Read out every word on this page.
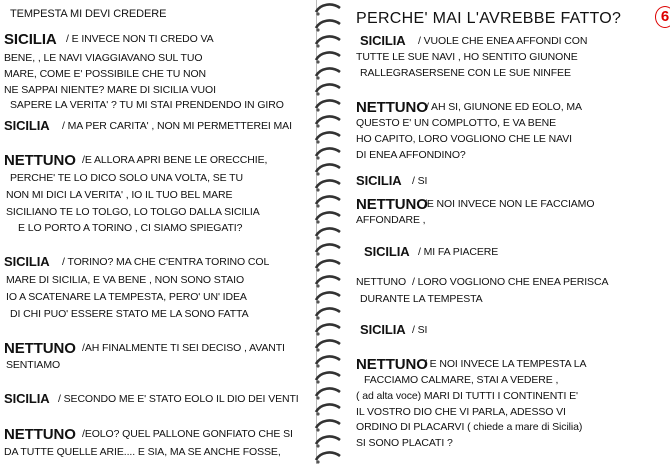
6
TEMPESTA MI DEVI CREDERE
SICILIA / E INVECE NON TI CREDO VA
BENE, , LE NAVI VIAGGIAVANO SUL TUO
MARE, COME E' POSSIBILE CHE TU NON
NE SAPPAI NIENTE? MARE DI SICILIA VUOI
SAPERE LA VERITA' ? TU MI STAI PRENDENDO IN GIRO
SICILIA / MA PER CARITA' , NON MI PERMETTEREI MAI
NETTUNO /E ALLORA APRI BENE LE ORECCHIE,
PERCHE' TE LO DICO SOLO UNA VOLTA, SE TU
NON MI DICI LA VERITA' , IO IL TUO BEL MARE
SICILIANO TE LO TOLGO, LO TOLGO DALLA SICILIA
E LO PORTO A TORINO , CI SIAMO SPIEGATI?
SICILIA / TORINO? MA CHE C'ENTRA TORINO COL
MARE DI SICILIA, E VA BENE , NON SONO STAIO
IO A SCATENARE LA TEMPESTA, PERO' UN' IDEA
DI CHI PUO' ESSERE STATO ME LA SONO FATTA
NETTUNO /AH FINALMENTE TI SEI DECISO , AVANTI
SENTIAMO
SICILIA / SECONDO ME E' STATO EOLO IL DIO DEI VENTI
NETTUNO /EOLO? QUEL PALLONE GONFIATO CHE SI
DA TUTTE QUELLE ARIE.... E SIA, MA SE ANCHE FOSSE,
PERCHE' MAI L'AVREBBE FATTO?
SICILIA / VUOLE CHE ENEA AFFONDI CON
TUTTE LE SUE NAVI , HO SENTITO GIUNONE
RALLEGRASERSENE CON LE SUE NINFEE
NETTUNO
/ AH SI, GIUNONE ED EOLO, MA
QUESTO E' UN COMPLOTTO, E VA BENE
HO CAPITO, LORO VOGLIONO CHE LE NAVI
DI ENEA AFFONDINO?
SICILIA / SI
NETTUNO
/E NOI INVECE NON LE FACCIAMO
AFFONDARE ,
SICILIA / MI FA PIACERE
NETTUNO / LORO VOGLIONO CHE ENEA PERISCA
DURANTE LA TEMPESTA
SICILIA / SI
NETTUNO
/ E NOI INVECE LA TEMPESTA LA
FACCIAMO CALMARE, STAI A VEDERE ,
( ad alta voce) MARI DI TUTTI I CONTINENTI E'
IL VOSTRO DIO CHE VI PARLA, ADESSO VI
ORDINO DI PLACARVI ( chiede a mare di Sicilia)
SI SONO PLACATI ?
